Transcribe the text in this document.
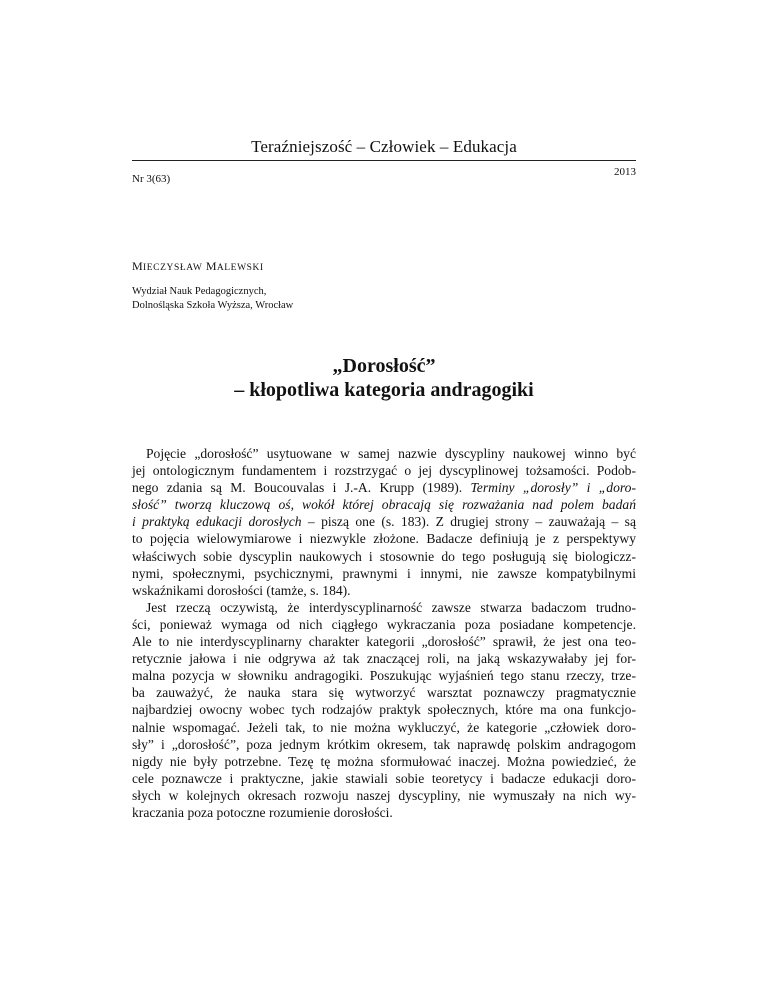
Teraźniejszość – Człowiek – Edukacja
Nr 3(63)
2013
MIECZYSŁAW MALEWSKI
Wydział Nauk Pedagogicznych,
Dolnośląska Szkoła Wyższa, Wrocław
„Dorosłość”
– kłopotliwa kategoria andragogiki
Pojęcie „dorosłość” usytuowane w samej nazwie dyscypliny naukowej winno być
jej ontologicznym fundamentem i rozstrzygać o jej dyscyplinowej tożsamości. Podob-
nego zdania są M. Boucouvalas i J.-A. Krupp (1989). Terminy „dorosły” i „doro-
słość” tworzą kluczową oś, wokół której obracają się rozważania nad polem badań
i praktyką edukacji dorosłych – piszą one (s. 183). Z drugiej strony – zauważają – są
to pojęcia wielowymiarowe i niezwykle złożone. Badacze definiują je z perspektywy
właściwych sobie dyscyplin naukowych i stosownie do tego posługują się biologiczz-
nymi, społecznymi, psychicznymi, prawnymi i innymi, nie zawsze kompatybilnymi
wskaźnikami dorosłości (tamże, s. 184).
Jest rzeczą oczywistą, że interdyscyplinarność zawsze stwarza badaczom trudno-
ści, ponieważ wymaga od nich ciągłego wykraczania poza posiadane kompetencje.
Ale to nie interdyscyplinarny charakter kategorii „dorosłość” sprawił, że jest ona teo-
retycznie jałowa i nie odgrywa aż tak znaczącej roli, na jaką wskazywałaby jej for-
malna pozycja w słowniku andragogiki. Poszukując wyjaśnień tego stanu rzeczy, trze-
ba zauważyć, że nauka stara się wytworzyć warsztat poznawczy pragmatycznie
najbardziej owocny wobec tych rodzajów praktyk społecznych, które ma ona funkcjo-
nalnie wspomagać. Jeżeli tak, to nie można wykluczyć, że kategorie „człowiek doro-
sły” i „dorosłość”, poza jednym krótkim okresem, tak naprawdę polskim andragogom
nigdy nie były potrzebne. Tezę tę można sformułować inaczej. Można powiedzieć, że
cele poznawcze i praktyczne, jakie stawiali sobie teoretycy i badacze edukacji doro-
słych w kolejnych okresach rozwoju naszej dyscypliny, nie wymuszały na nich wy-
kraczania poza potoczne rozumienie dorosłości.
